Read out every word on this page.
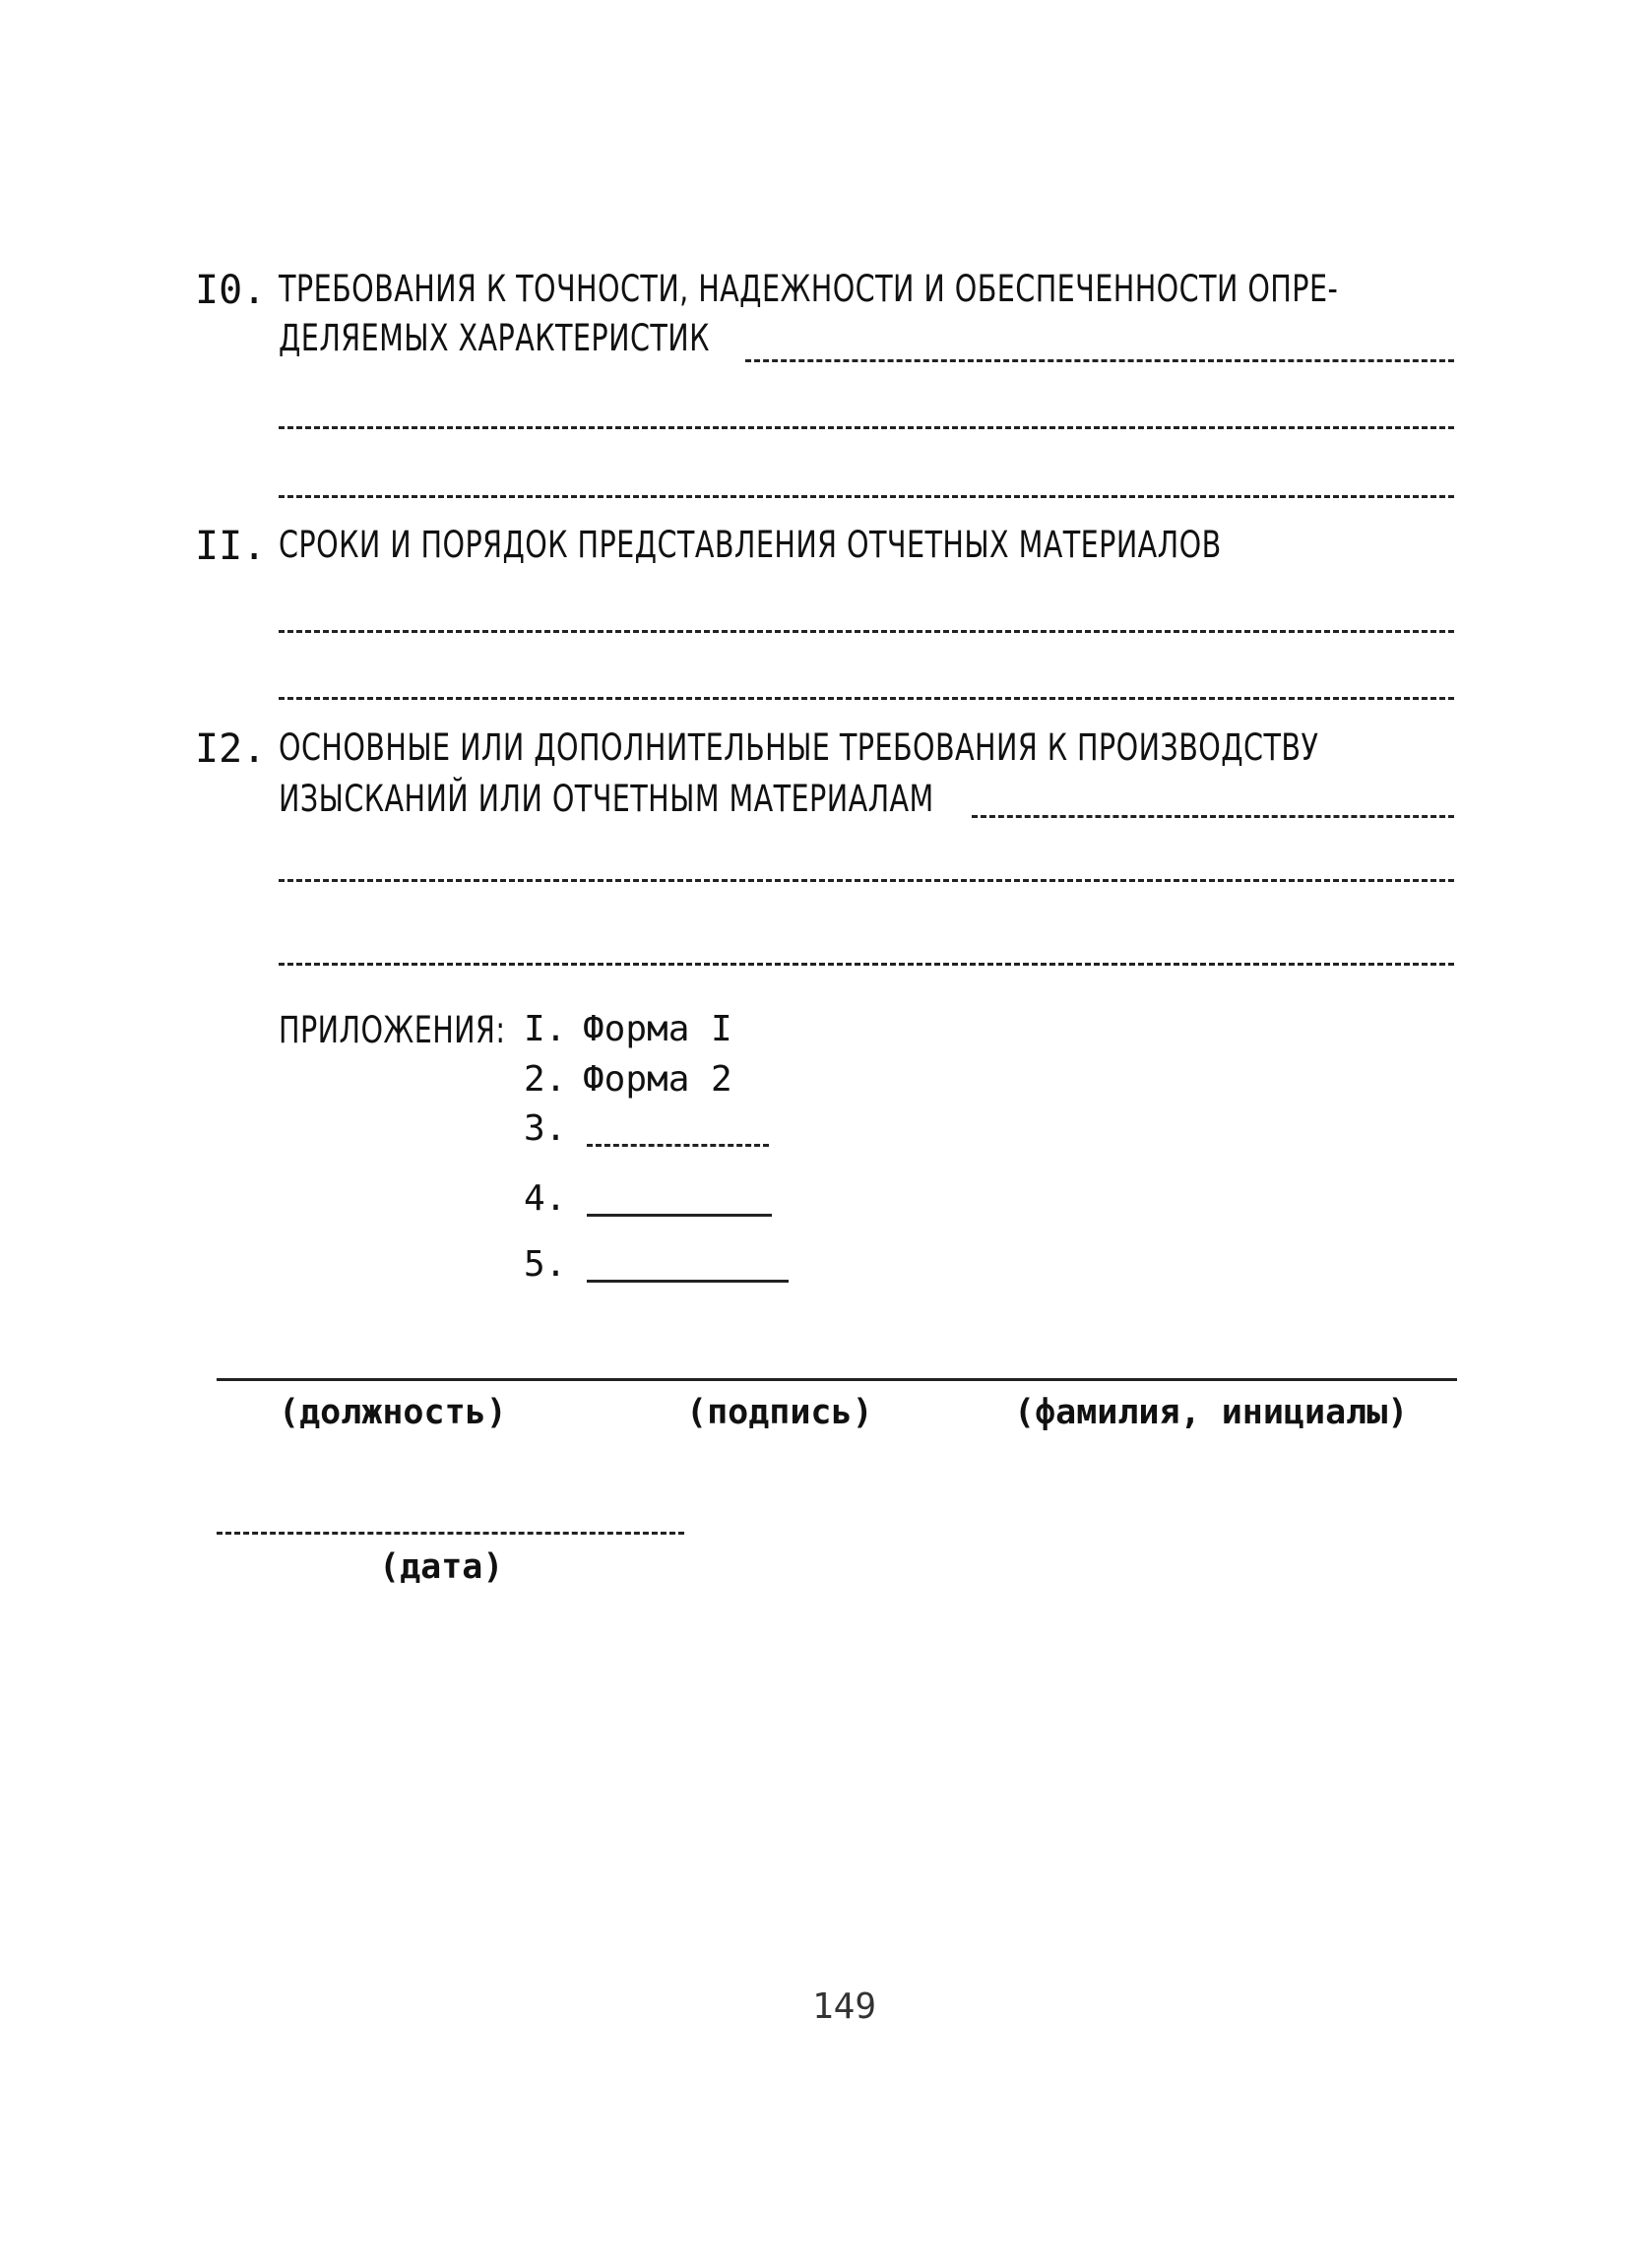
I0. ТРЕБОВАНИЯ К ТОЧНОСТИ, НАДЕЖНОСТИ И ОБЕСПЕЧЕННОСТИ ОПРЕ-
ДЕЛЯЕМЫХ ХАРАКТЕРИСТИК
II. СРОКИ И ПОРЯДОК ПРЕДСТАВЛЕНИЯ ОТЧЕТНЫХ МАТЕРИАЛОВ
I2. ОСНОВНЫЕ ИЛИ ДОПОЛНИТЕЛЬНЫЕ ТРЕБОВАНИЯ К ПРОИЗВОДСТВУ
ИЗЫСКАНИЙ ИЛИ ОТЧЕТНЫМ МАТЕРИАЛАМ
ПРИЛОЖЕНИЯ: I. Форма I
2. Форма 2
3.
4.
5.
(должность)	(подпись)	(фамилия, инициалы)
(дата)
149
